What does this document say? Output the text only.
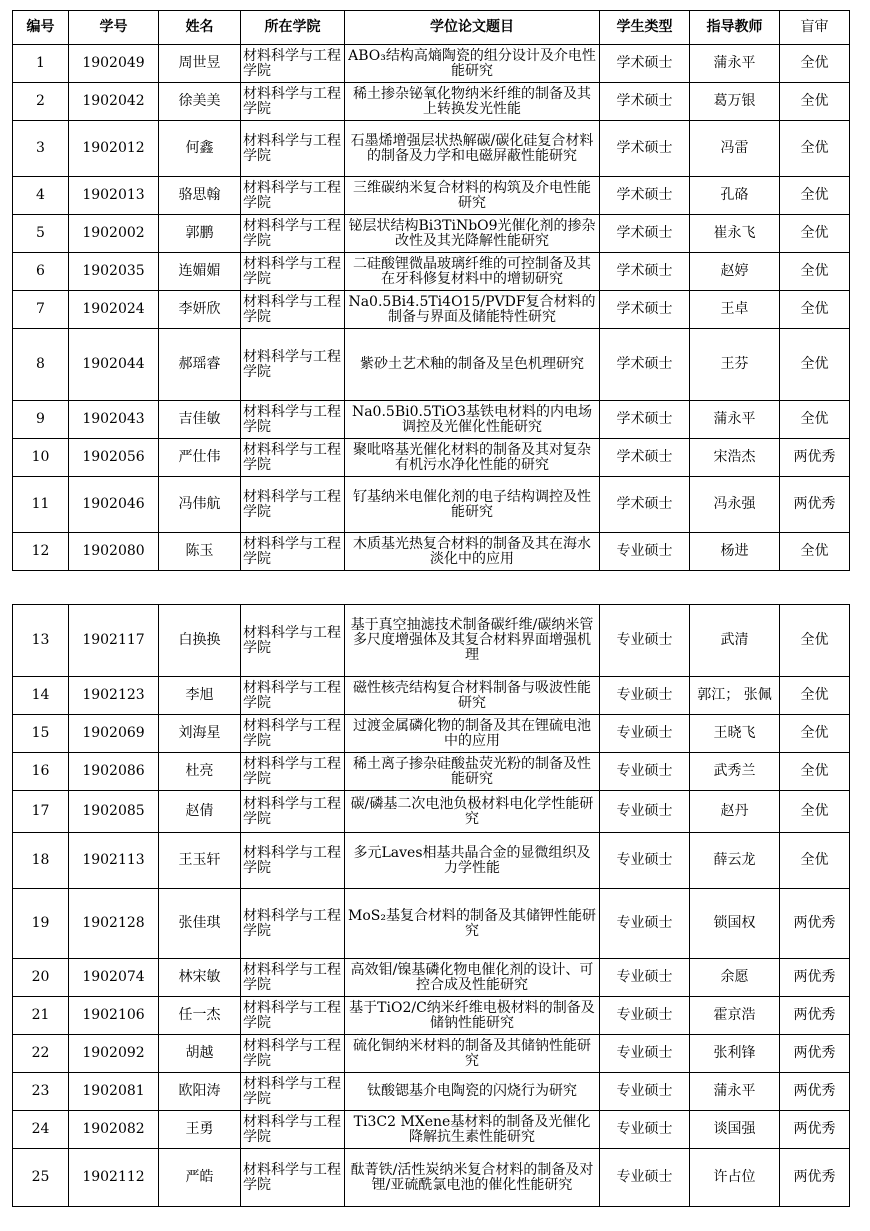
编号	学号	姓名	所在学院	学位论文题目	学生类型	指导教师	盲审
1	1902049	周世昱	材料科学与工程学院	ABO₃结构高熵陶瓷的组分设计及介电性能研究	学术硕士	蒲永平	全优
2	1902042	徐美美	材料科学与工程学院	稀土掺杂铋氧化物纳米纤维的制备及其上转换发光性能	学术硕士	葛万银	全优
3	1902012	何鑫	材料科学与工程学院	石墨烯增强层状热解碳/碳化硅复合材料的制备及力学和电磁屏蔽性能研究	学术硕士	冯雷	全优
4	1902013	骆思翰	材料科学与工程学院	三维碳纳米复合材料的构筑及介电性能研究	学术硕士	孔硌	全优
5	1902002	郭鹏	材料科学与工程学院	铋层状结构Bi3TiNbO9光催化剂的掺杂改性及其光降解性能研究	学术硕士	崔永飞	全优
6	1902035	连媚媚	材料科学与工程学院	二硅酸锂微晶玻璃纤维的可控制备及其在牙科修复材料中的增韧研究	学术硕士	赵婷	全优
7	1902024	李妍欣	材料科学与工程学院	Na0.5Bi4.5Ti4O15/PVDF复合材料的制备与界面及储能特性研究	学术硕士	王卓	全优
8	1902044	郝瑶睿	材料科学与工程学院	紫砂土艺术釉的制备及呈色机理研究	学术硕士	王芬	全优
9	1902043	吉佳敏	材料科学与工程学院	Na0.5Bi0.5TiO3基铁电材料的内电场调控及光催化性能研究	学术硕士	蒲永平	全优
10	1902056	严仕伟	材料科学与工程学院	聚吡咯基光催化材料的制备及其对复杂有机污水净化性能的研究	学术硕士	宋浩杰	两优秀
11	1902046	冯伟航	材料科学与工程学院	钌基纳米电催化剂的电子结构调控及性能研究	学术硕士	冯永强	两优秀
12	1902080	陈玉	材料科学与工程学院	木质基光热复合材料的制备及其在海水淡化中的应用	专业硕士	杨进	全优
13	1902117	白换换	材料科学与工程学院	基于真空抽滤技术制备碳纤维/碳纳米管多尺度增强体及其复合材料界面增强机理	专业硕士	武清	全优
14	1902123	李旭	材料科学与工程学院	磁性核壳结构复合材料制备与吸波性能研究	专业硕士	郭江； 张佩	全优
15	1902069	刘海星	材料科学与工程学院	过渡金属磷化物的制备及其在锂硫电池中的应用	专业硕士	王晓飞	全优
16	1902086	杜亮	材料科学与工程学院	稀土离子掺杂硅酸盐荧光粉的制备及性能研究	专业硕士	武秀兰	全优
17	1902085	赵倩	材料科学与工程学院	碳/磷基二次电池负极材料电化学性能研究	专业硕士	赵丹	全优
18	1902113	王玉轩	材料科学与工程学院	多元Laves相基共晶合金的显微组织及力学性能	专业硕士	薛云龙	全优
19	1902128	张佳琪	材料科学与工程学院	MoS₂基复合材料的制备及其储钾性能研究	专业硕士	锁国权	两优秀
20	1902074	林宋敏	材料科学与工程学院	高效钼/镍基磷化物电催化剂的设计、可控合成及性能研究	专业硕士	余愿	两优秀
21	1902106	任一杰	材料科学与工程学院	基于TiO2/C纳米纤维电极材料的制备及储钠性能研究	专业硕士	霍京浩	两优秀
22	1902092	胡越	材料科学与工程学院	硫化铜纳米材料的制备及其储钠性能研究	专业硕士	张利锋	两优秀
23	1902081	欧阳涛	材料科学与工程学院	钛酸锶基介电陶瓷的闪烧行为研究	专业硕士	蒲永平	两优秀
24	1902082	王勇	材料科学与工程学院	Ti3C2 MXene基材料的制备及光催化降解抗生素性能研究	专业硕士	谈国强	两优秀
25	1902112	严皓	材料科学与工程学院	酞菁铁/活性炭纳米复合材料的制备及对锂/亚硫酰氯电池的催化性能研究	专业硕士	许占位	两优秀
